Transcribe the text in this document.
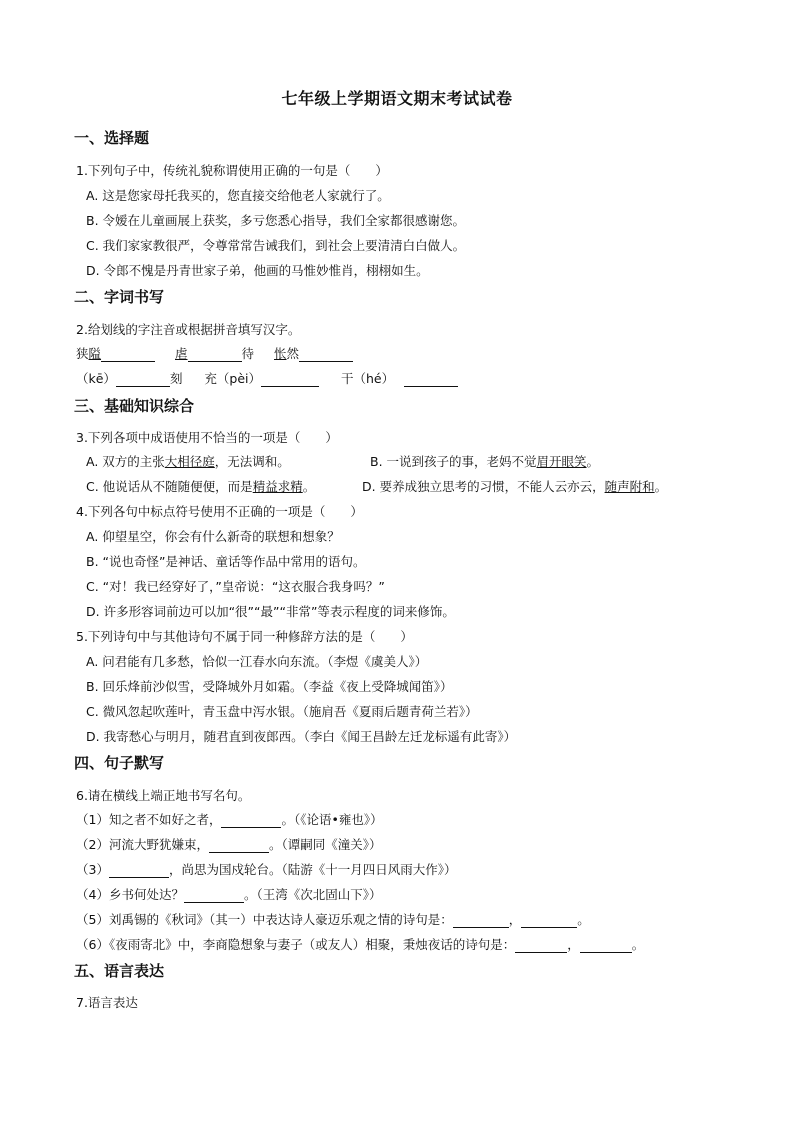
七年级上学期语文期末考试试卷
一、选择题
1.下列句子中，传统礼貌称谓使用正确的一句是（　　）
A. 这是您家母托我买的，您直接交给他老人家就行了。
B. 令嫒在儿童画展上获奖，多亏您悉心指导，我们全家都很感谢您。
C. 我们家家教很严，令尊常常告诫我们，到社会上要清清白白做人。
D. 令郎不愧是丹青世家子弟，他画的马惟妙惟肖，栩栩如生。
二、字词书写
2.给划线的字注音或根据拼音填写汉字。
狭隘	虐	待 怅然
（kē）	刻 充（pèi）	干（hé）
三、基础知识综合
3.下列各项中成语使用不恰当的一项是（　　）
A. 双方的主张大相径庭，无法调和。	B. 一说到孩子的事，老妈不觉眉开眼笑。
C. 他说话从不随随便便，而是精益求精。	D. 要养成独立思考的习惯，不能人云亦云，随声附和。
4.下列各句中标点符号使用不正确的一项是（　　）
A. 仰望星空，你会有什么新奇的联想和想象？
B. “说也奇怪”是神话、童话等作品中常用的语句。
C. “对！我已经穿好了，”皇帝说：“这衣服合我身吗？”
D. 许多形容词前边可以加“很”“最”“非常”等表示程度的词来修饰。
5.下列诗句中与其他诗句不属于同一种修辞方法的是（　　）
A. 问君能有几多愁，恰似一江春水向东流。（李煜《虞美人》）
B. 回乐烽前沙似雪，受降城外月如霜。（李益《夜上受降城闻笛》）
C. 微风忽起吹莲叶，青玉盘中泻水银。（施肩吾《夏雨后题青荷兰若》）
D. 我寄愁心与明月，随君直到夜郎西。（李白《闻王昌龄左迁龙标遥有此寄》）
四、句子默写
6.请在横线上端正地书写名句。
（1）知之者不如好之者，	。（《论语•雍也》）
（2）河流大野犹嫌束，	。（谭嗣同《潼关》）
（3）	，尚思为国戍轮台。（陆游《十一月四日风雨大作》）
（4）乡书何处达？	。（王湾《次北固山下》）
（5）刘禹锡的《秋词》（其一）中表达诗人豪迈乐观之情的诗句是：	，	。
（6）《夜雨寄北》中，李商隐想象与妻子（或友人）相聚，秉烛夜话的诗句是：	，	。
五、语言表达
7.语言表达
